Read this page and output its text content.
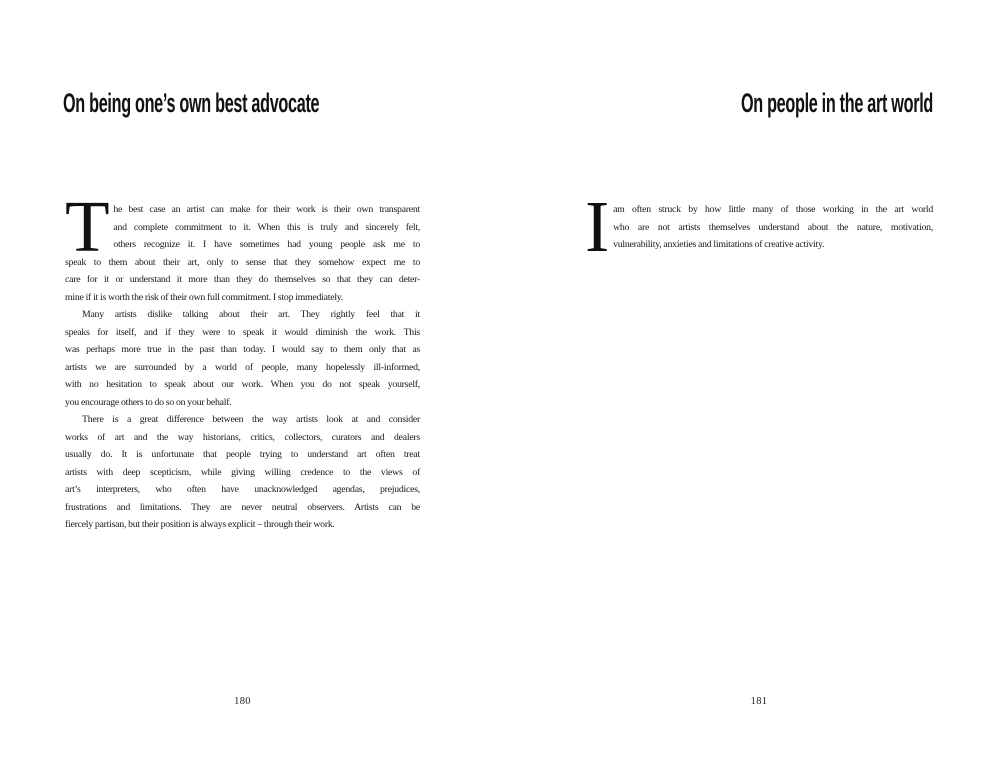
On being one’s own best advocate
T he best case an artist can make for their work is their own transparent
and complete commitment to it. When this is truly and sincerely felt,
others recognize it. I have sometimes had young people ask me to
speak to them about their art, only to sense that they somehow expect me to
care for it or understand it more than they do themselves so that they can deter-
mine if it is worth the risk of their own full commitment. I stop immediately.
Many artists dislike talking about their art. They rightly feel that it
speaks for itself, and if they were to speak it would diminish the work. This
was perhaps more true in the past than today. I would say to them only that as
artists we are surrounded by a world of people, many hopelessly ill-informed,
with no hesitation to speak about our work. When you do not speak yourself,
you encourage others to do so on your behalf.
There is a great difference between the way artists look at and consider
works of art and the way historians, critics, collectors, curators and dealers
usually do. It is unfortunate that people trying to understand art often treat
artists with deep scepticism, while giving willing credence to the views of
art’s interpreters, who often have unacknowledged agendas, prejudices,
frustrations and limitations. They are never neutral observers. Artists can be
fiercely partisan, but their position is always explicit – through their work.
180
On people in the art world
I am often struck by how little many of those working in the art world
who are not artists themselves understand about the nature, motivation,
vulnerability, anxieties and limitations of creative activity.
181
